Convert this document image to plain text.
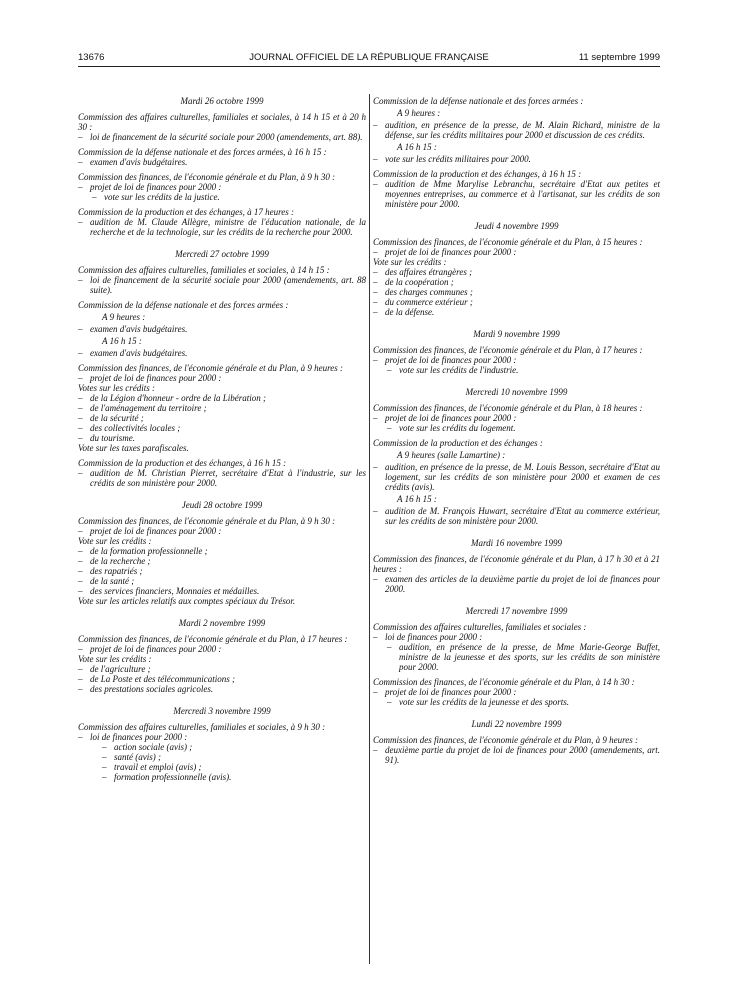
13676	JOURNAL OFFICIEL DE LA RÉPUBLIQUE FRANÇAISE	11 septembre 1999
Mardi 26 octobre 1999

Commission des affaires culturelles, familiales et sociales, à 14 h 15 et à 20 h 30 :

– loi de financement de la sécurité sociale pour 2000 (amendements, art. 88).

Commission de la défense nationale et des forces armées, à 16 h 15 :

– examen d'avis budgétaires.

Commission des finances, de l'économie générale et du Plan, à 9 h 30 :

– projet de loi de finances pour 2000 :

– vote sur les crédits de la justice.

Commission de la production et des échanges, à 17 heures :

– audition de M. Claude Allègre, ministre de l'éducation nationale, de la recherche et de la technologie, sur les crédits de la recherche pour 2000.

Mercredi 27 octobre 1999

Commission des affaires culturelles, familiales et sociales, à 14 h 15 :

– loi de financement de la sécurité sociale pour 2000 (amendements, art. 88 suite).

Commission de la défense nationale et des forces armées :

A 9 heures :

– examen d'avis budgétaires.

A 16 h 15 :

– examen d'avis budgétaires.

Commission des finances, de l'économie générale et du Plan, à 9 heures :

– projet de loi de finances pour 2000 :

Votes sur les crédits :

– de la Légion d'honneur - ordre de la Libération ;

– de l'aménagement du territoire ;

– de la sécurité ;

– des collectivités locales ;

– du tourisme.

Vote sur les taxes parafiscales.

Commission de la production et des échanges, à 16 h 15 :

– audition de M. Christian Pierret, secrétaire d'Etat à l'industrie, sur les crédits de son ministère pour 2000.

Jeudi 28 octobre 1999

Commission des finances, de l'économie générale et du Plan, à 9 h 30 :

– projet de loi de finances pour 2000 :

Vote sur les crédits :

– de la formation professionnelle ;

– de la recherche ;

– des rapatriés ;

– de la santé ;

– des services financiers, Monnaies et médailles.

Vote sur les articles relatifs aux comptes spéciaux du Trésor.

Mardi 2 novembre 1999

Commission des finances, de l'économie générale et du Plan, à 17 heures :

– projet de loi de finances pour 2000 :

Vote sur les crédits :

– de l'agriculture ;

– de La Poste et des télécommunications ;

– des prestations sociales agricoles.

Mercredi 3 novembre 1999

Commission des affaires culturelles, familiales et sociales, à 9 h 30 :

– loi de finances pour 2000 :

– action sociale (avis) ;

– santé (avis) ;

– travail et emploi (avis) ;

– formation professionnelle (avis).

Commission de la défense nationale et des forces armées :

A 9 heures :

– audition, en présence de la presse, de M. Alain Richard, ministre de la défense, sur les crédits militaires pour 2000 et discussion de ces crédits.

A 16 h 15 :

– vote sur les crédits militaires pour 2000.

Commission de la production et des échanges, à 16 h 15 :

– audition de Mme Marylise Lebranchu, secrétaire d'Etat aux petites et moyennes entreprises, au commerce et à l'artisanat, sur les crédits de son ministère pour 2000.

Jeudi 4 novembre 1999

Commission des finances, de l'économie générale et du Plan, à 15 heures :

– projet de loi de finances pour 2000 :

Vote sur les crédits :

– des affaires étrangères ;

– de la coopération ;

– des charges communes ;

– du commerce extérieur ;

– de la défense.

Mardi 9 novembre 1999

Commission des finances, de l'économie générale et du Plan, à 17 heures :

– projet de loi de finances pour 2000 :

– vote sur les crédits de l'industrie.

Mercredi 10 novembre 1999

Commission des finances, de l'économie générale et du Plan, à 18 heures :

– projet de loi de finances pour 2000 :

– vote sur les crédits du logement.

Commission de la production et des échanges :

A 9 heures (salle Lamartine) :

– audition, en présence de la presse, de M. Louis Besson, secrétaire d'Etat au logement, sur les crédits de son ministère pour 2000 et examen de ces crédits (avis).

A 16 h 15 :

– audition de M. François Huwart, secrétaire d'Etat au commerce extérieur, sur les crédits de son ministère pour 2000.

Mardi 16 novembre 1999

Commission des finances, de l'économie générale et du Plan, à 17 h 30 et à 21 heures :

– examen des articles de la deuxième partie du projet de loi de finances pour 2000.

Mercredi 17 novembre 1999

Commission des affaires culturelles, familiales et sociales :

– loi de finances pour 2000 :

– audition, en présence de la presse, de Mme Marie-George Buffet, ministre de la jeunesse et des sports, sur les crédits de son ministère pour 2000.

Commission des finances, de l'économie générale et du Plan, à 14 h 30 :

– projet de loi de finances pour 2000 :

– vote sur les crédits de la jeunesse et des sports.

Lundi 22 novembre 1999

Commission des finances, de l'économie générale et du Plan, à 9 heures :

– deuxième partie du projet de loi de finances pour 2000 (amendements, art. 91).
